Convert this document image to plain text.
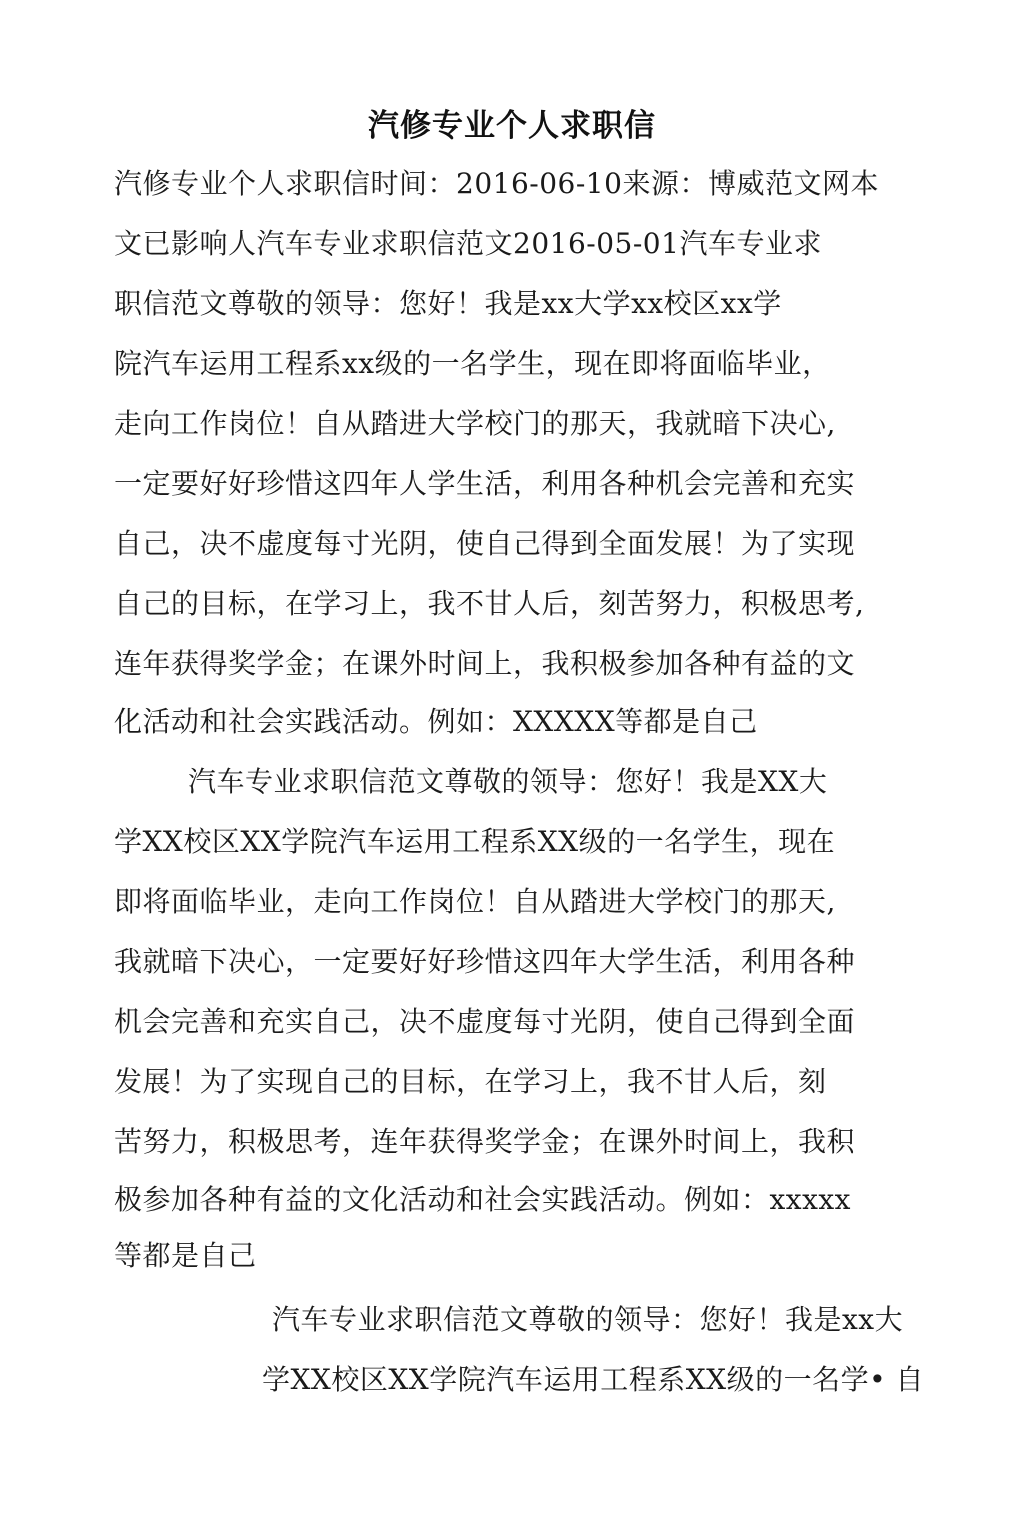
汽修专业个人求职信
汽修专业个人求职信时间：2016-06-10来源：博威范文网本
文已影响人汽车专业求职信范文2016-05-01汽车专业求
职信范文尊敬的领导：您好！我是xx大学xx校区xx学
院汽车运用工程系xx级的一名学生，现在即将面临毕业，
走向工作岗位！自从踏进大学校门的那天，我就暗下决心,
一定要好好珍惜这四年人学生活，利用各种机会完善和充实
自己，决不虚度每寸光阴，使自己得到全面发展！为了实现
自己的目标，在学习上，我不甘人后，刻苦努力，积极思考,
连年获得奖学金；在课外时间上，我积极参加各种有益的文
化活动和社会实践活动。例如：XXXXX等都是自己
汽车专业求职信范文尊敬的领导：您好！我是XX大
学XX校区XX学院汽车运用工程系XX级的一名学生，现在
即将面临毕业，走向工作岗位！自从踏进大学校门的那天,
我就暗下决心，一定要好好珍惜这四年大学生活，利用各种
机会完善和充实自己，决不虚度每寸光阴，使自己得到全面
发展！为了实现自己的目标，在学习上，我不甘人后，刻
苦努力，积极思考，连年获得奖学金；在课外时间上，我积
极参加各种有益的文化活动和社会实践活动。例如：xxxxx
等都是自己
汽车专业求职信范文尊敬的领导：您好！我是xx大
学XX校区XX学院汽车运用工程系XX级的一名学• 自
